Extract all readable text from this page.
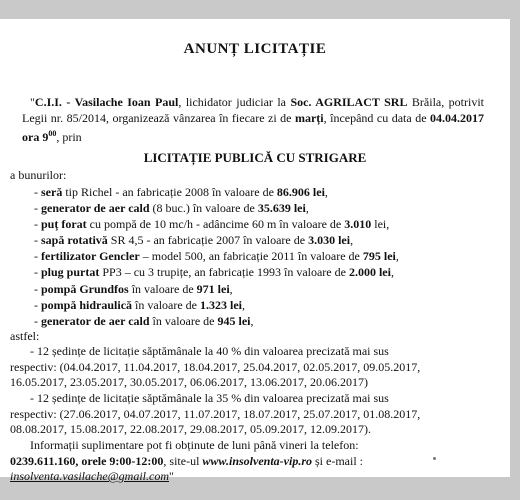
ANUNȚ LICITAȚIE
"C.I.I. - Vasilache Ioan Paul, lichidator judiciar la Soc. AGRILACT SRL Brăila, potrivit Legii nr. 85/2014, organizează vânzarea în fiecare zi de marți, începând cu data de 04.04.2017 ora $9^{00}$, prin
LICITAȚIE PUBLICĂ CU STRIGARE
a bunurilor:
- seră tip Richel - an fabricație 2008 în valoare de 86.906 lei,
- generator de aer cald (8 buc.) în valoare de 35.639 lei,
- puț forat cu pompă de 10 mc/h - adâncime 60 m în valoare de 3.010 lei,
- sapă rotativă SR 4,5 - an fabricație 2007 în valoare de 3.030 lei,
- fertilizator Gencler – model 500, an fabricație 2011 în valoare de 795 lei,
- plug purtat PP3 – cu 3 trupițe, an fabricație 1993 în valoare de 2.000 lei,
- pompă Grundfos în valoare de 971 lei,
- pompă hidraulică în valoare de 1.323 lei,
- generator de aer cald în valoare de 945 lei,
astfel:
- 12 ședințe de licitație săptămânale la 40 % din valoarea precizată mai sus
respectiv: (04.04.2017, 11.04.2017, 18.04.2017, 25.04.2017, 02.05.2017, 09.05.2017,
16.05.2017, 23.05.2017, 30.05.2017, 06.06.2017, 13.06.2017, 20.06.2017)
- 12 ședințe de licitație săptămânale la 35 % din valoarea precizată mai sus
respectiv: (27.06.2017, 04.07.2017, 11.07.2017, 18.07.2017, 25.07.2017, 01.08.2017,
08.08.2017, 15.08.2017, 22.08.2017, 29.08.2017, 05.09.2017, 12.09.2017).
Informații suplimentare pot fi obținute de luni până vineri la telefon:
0239.611.160, orele 9:00-12:00, site-ul www.insolventa-vip.ro și e-mail :
insolventa.vasilache@gmail.com"
